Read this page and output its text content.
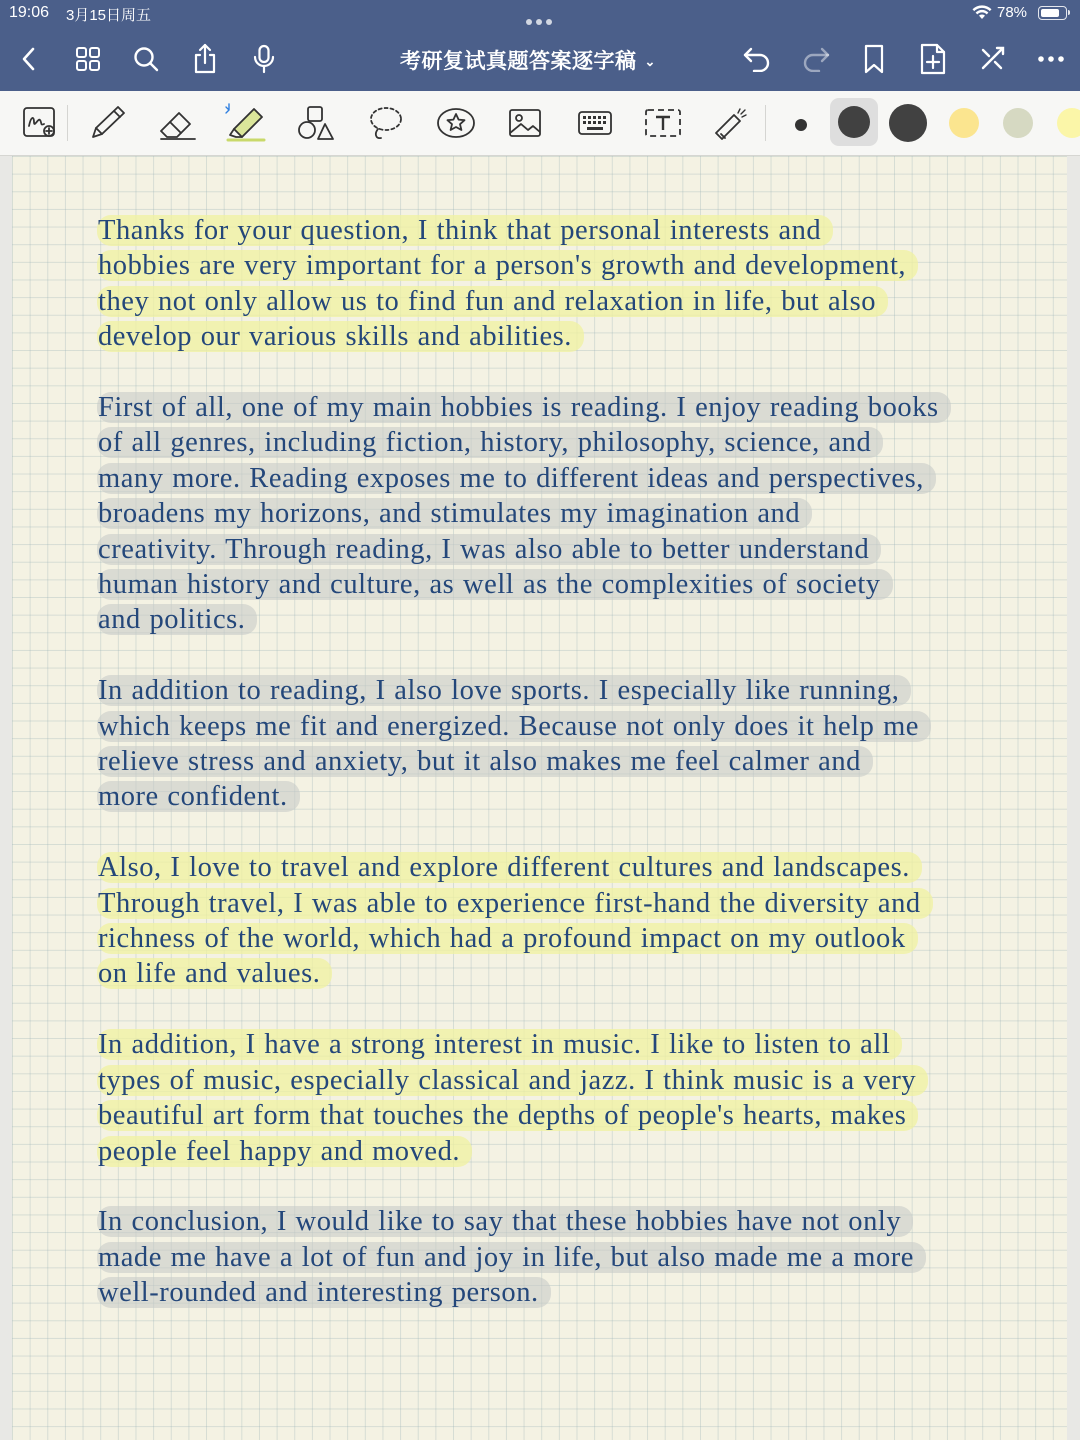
19:06 3月15日周五	78%
考研复试真题答案逐字稿 ⌄
Thanks for your question, I think that personal interests and
hobbies are very important for a person's growth and development,
they not only allow us to find fun and relaxation in life, but also
develop our various skills and abilities.
First of all, one of my main hobbies is reading. I enjoy reading books
of all genres, including fiction, history, philosophy, science, and
many more. Reading exposes me to different ideas and perspectives,
broadens my horizons, and stimulates my imagination and
creativity. Through reading, I was also able to better understand
human history and culture, as well as the complexities of society
and politics.
In addition to reading, I also love sports. I especially like running,
which keeps me fit and energized. Because not only does it help me
relieve stress and anxiety, but it also makes me feel calmer and
more confident.
Also, I love to travel and explore different cultures and landscapes.
Through travel, I was able to experience first-hand the diversity and
richness of the world, which had a profound impact on my outlook
on life and values.
In addition, I have a strong interest in music. I like to listen to all
types of music, especially classical and jazz. I think music is a very
beautiful art form that touches the depths of people's hearts, makes
people feel happy and moved.
In conclusion, I would like to say that these hobbies have not only
made me have a lot of fun and joy in life, but also made me a more
well-rounded and interesting person.
